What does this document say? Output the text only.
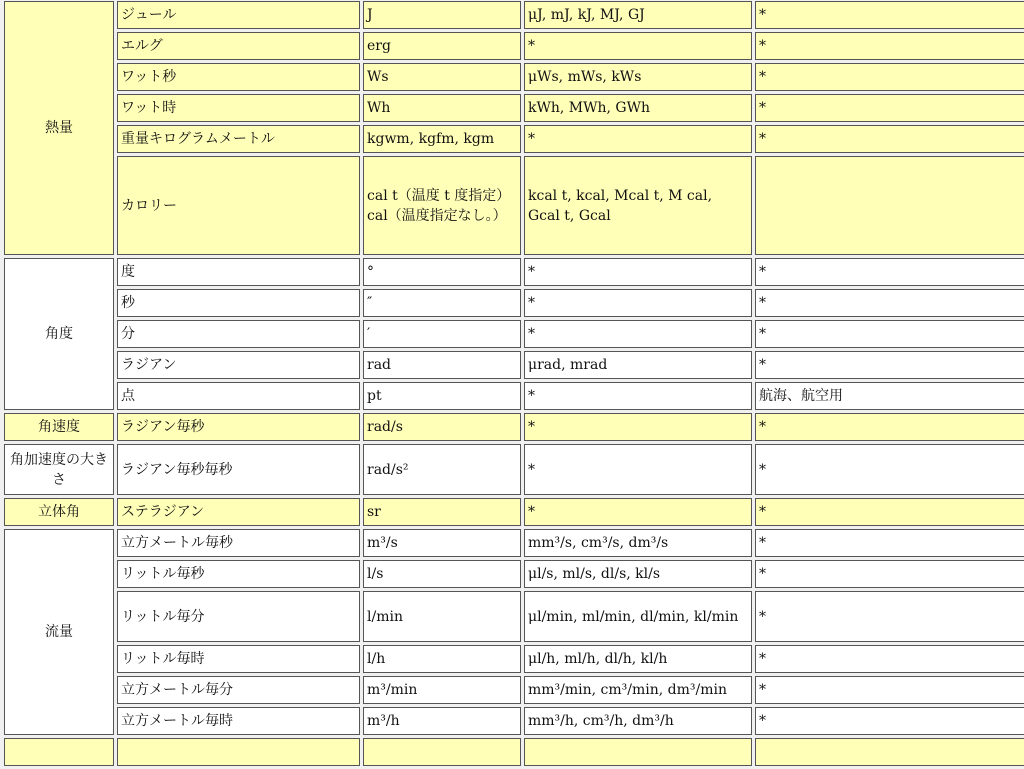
熱量	ジュール	J	μJ, mJ, kJ, MJ, GJ	*
	エルグ	erg	*	*
	ワット秒	Ws	μWs, mWs, kWs	*
	ワット時	Wh	kWh, MWh, GWh	*
	重量キログラムメートル	kgwm, kgfm, kgm	*	*
	カロリー	cal t（温度 t 度指定） cal（温度指定なし。）	kcal t, kcal, Mcal t, M cal, Gcal t, Gcal	
角度	度	°	*	*
	秒	″	*	*
	分	′	*	*
	ラジアン	rad	μrad, mrad	*
	点	pt	*	航海、航空用
角速度	ラジアン毎秒	rad/s	*	*
角加速度の大きさ	ラジアン毎秒毎秒	rad/s²	*	*
立体角	ステラジアン	sr	*	*
流量	立方メートル毎秒	m³/s	mm³/s, cm³/s, dm³/s	*
	リットル毎秒	l/s	μl/s, ml/s, dl/s, kl/s	*
	リットル毎分	l/min	μl/min, ml/min, dl/min, kl/min	*
	リットル毎時	l/h	μl/h, ml/h, dl/h, kl/h	*
	立方メートル毎分	m³/min	mm³/min, cm³/min, dm³/min	*
	立方メートル毎時	m³/h	mm³/h, cm³/h, dm³/h	*
